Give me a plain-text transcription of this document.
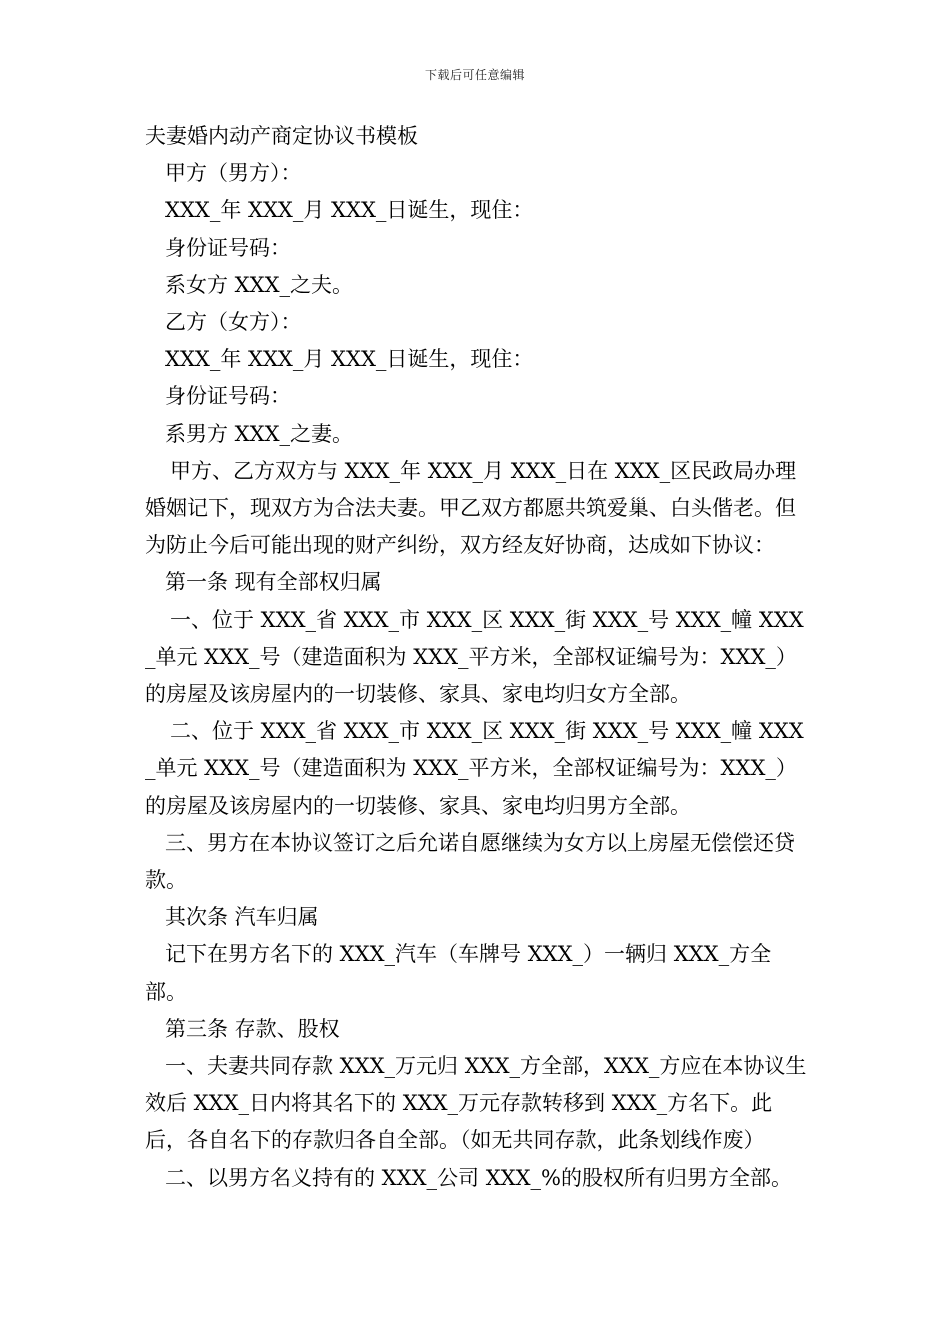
下载后可任意编辑

夫妻婚内动产商定协议书模板

甲方（男方）：

XXX_年 XXX_月 XXX_日诞生，现住：

身份证号码：

系女方 XXX_之夫。

乙方（女方）：

XXX_年 XXX_月 XXX_日诞生，现住：

身份证号码：

系男方 XXX_之妻。

甲方、乙方双方与 XXX_年 XXX_月 XXX_日在 XXX_区民政局办理婚姻记下，现双方为合法夫妻。甲乙双方都愿共筑爱巢、白头偕老。但为防止今后可能出现的财产纠纷，双方经友好协商，达成如下协议：

第一条 现有全部权归属

一、位于 XXX_省 XXX_市 XXX_区 XXX_街 XXX_号 XXX_幢 XXX_单元 XXX_号（建造面积为 XXX_平方米，全部权证编号为：XXX_）的房屋及该房屋内的一切装修、家具、家电均归女方全部。

二、位于 XXX_省 XXX_市 XXX_区 XXX_街 XXX_号 XXX_幢 XXX_单元 XXX_号（建造面积为 XXX_平方米，全部权证编号为：XXX_）的房屋及该房屋内的一切装修、家具、家电均归男方全部。

三、男方在本协议签订之后允诺自愿继续为女方以上房屋无偿偿还贷款。

其次条 汽车归属

记下在男方名下的 XXX_汽车（车牌号 XXX_）一辆归 XXX_方全部。

第三条 存款、股权

一、夫妻共同存款 XXX_万元归 XXX_方全部，XXX_方应在本协议生效后 XXX_日内将其名下的 XXX_万元存款转移到 XXX_方名下。此后，各自名下的存款归各自全部。（如无共同存款，此条划线作废）

二、以男方名义持有的 XXX_公司 XXX_%的股权所有归男方全部。
